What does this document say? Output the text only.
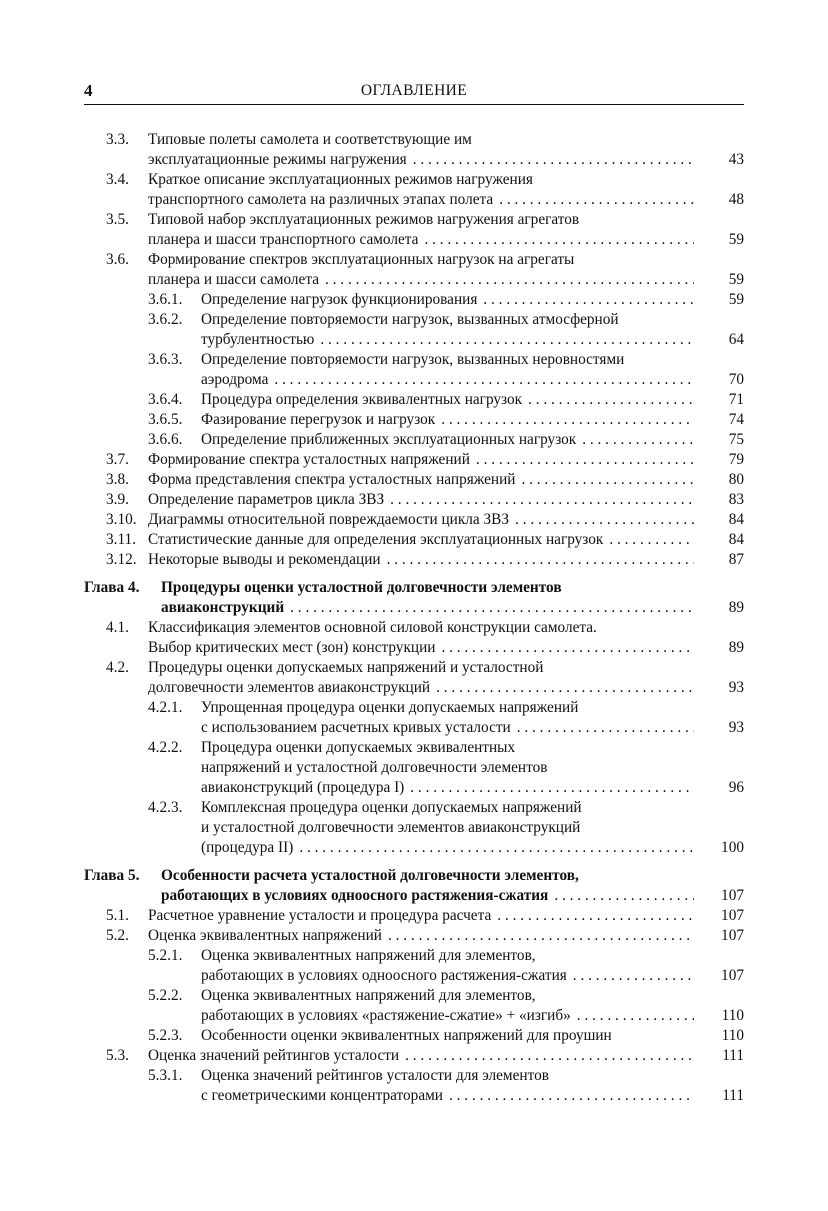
4	ОГЛАВЛЕНИЕ
3.3. Типовые полеты самолета и соответствующие им
эксплуатационные режимы нагружения . . .	43
3.4. Краткое описание эксплуатационных режимов нагружения
транспортного самолета на различных этапах полета . . .	48
3.5. Типовой набор эксплуатационных режимов нагружения агрегатов
планера и шасси транспортного самолета . . .	59
3.6. Формирование спектров эксплуатационных нагрузок на агрегаты
планера и шасси самолета . . .	59
3.6.1. Определение нагрузок функционирования . . .	59
3.6.2. Определение повторяемости нагрузок, вызванных атмосферной
турбулентностью . . .	64
3.6.3. Определение повторяемости нагрузок, вызванных неровностями
аэродрома . . .	70
3.6.4. Процедура определения эквивалентных нагрузок . . .	71
3.6.5. Фазирование перегрузок и нагрузок . . .	74
3.6.6. Определение приближенных эксплуатационных нагрузок . . .	75
3.7. Формирование спектра усталостных напряжений . . .	79
3.8. Форма представления спектра усталостных напряжений . . .	80
3.9. Определение параметров цикла ЗВЗ . . .	83
3.10. Диаграммы относительной повреждаемости цикла ЗВЗ . . .	84
3.11. Статистические данные для определения эксплуатационных нагрузок . . .	84
3.12. Некоторые выводы и рекомендации . . .	87
Глава 4. Процедуры оценки усталостной долговечности элементов
авиаконструкций . . .	89
4.1. Классификация элементов основной силовой конструкции самолета.
Выбор критических мест (зон) конструкции . . .	89
4.2. Процедуры оценки допускаемых напряжений и усталостной
долговечности элементов авиаконструкций . . .	93
4.2.1. Упрощенная процедура оценки допускаемых напряжений
с использованием расчетных кривых усталости . . .	93
4.2.2. Процедура оценки допускаемых эквивалентных
напряжений и усталостной долговечности элементов
авиаконструкций (процедура I) . . .	96
4.2.3. Комплексная процедура оценки допускаемых напряжений
и усталостной долговечности элементов авиаконструкций
(процедура II) . . .	100
Глава 5. Особенности расчета усталостной долговечности элементов,
работающих в условиях одноосного растяжения-сжатия . . .	107
5.1. Расчетное уравнение усталости и процедура расчета . . .	107
5.2. Оценка эквивалентных напряжений . . .	107
5.2.1. Оценка эквивалентных напряжений для элементов,
работающих в условиях одноосного растяжения-сжатия . . .	107
5.2.2. Оценка эквивалентных напряжений для элементов,
работающих в условиях «растяжение-сжатие» + «изгиб» . . .	110
5.2.3. Особенности оценки эквивалентных напряжений для проушин	110
5.3. Оценка значений рейтингов усталости . . .	111
5.3.1. Оценка значений рейтингов усталости для элементов
с геометрическими концентраторами . . .	111
